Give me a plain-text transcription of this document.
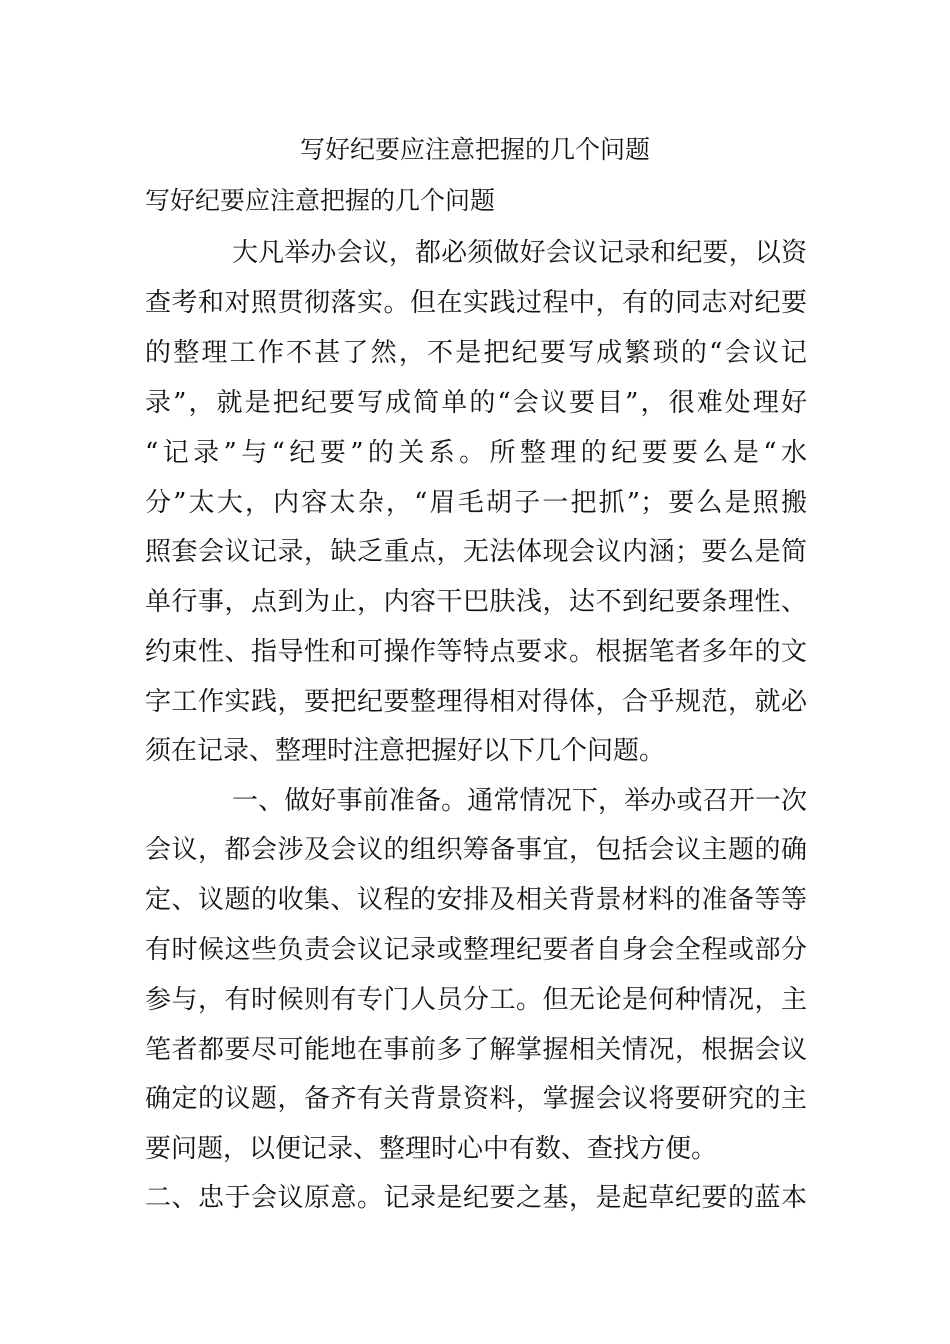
写好纪要应注意把握的几个问题
写好纪要应注意把握的几个问题
大凡举办会议，都必须做好会议记录和纪要，以资
查考和对照贯彻落实。但在实践过程中，有的同志对纪要
的整理工作不甚了然，不是把纪要写成繁琐的“会议记
录”，就是把纪要写成简单的“会议要目”，很难处理好
“记录”与“纪要”的关系。所整理的纪要要么是“水
分”太大，内容太杂，“眉毛胡子一把抓”；要么是照搬
照套会议记录，缺乏重点，无法体现会议内涵；要么是简
单行事，点到为止，内容干巴肤浅，达不到纪要条理性、
约束性、指导性和可操作等特点要求。根据笔者多年的文
字工作实践，要把纪要整理得相对得体，合乎规范，就必
须在记录、整理时注意把握好以下几个问题。
一、做好事前准备。通常情况下，举办或召开一次
会议，都会涉及会议的组织筹备事宜，包括会议主题的确
定、议题的收集、议程的安排及相关背景材料的准备等等
有时候这些负责会议记录或整理纪要者自身会全程或部分
参与，有时候则有专门人员分工。但无论是何种情况，主
笔者都要尽可能地在事前多了解掌握相关情况，根据会议
确定的议题，备齐有关背景资料，掌握会议将要研究的主
要问题，以便记录、整理时心中有数、查找方便。
二、忠于会议原意。记录是纪要之基，是起草纪要的蓝本
